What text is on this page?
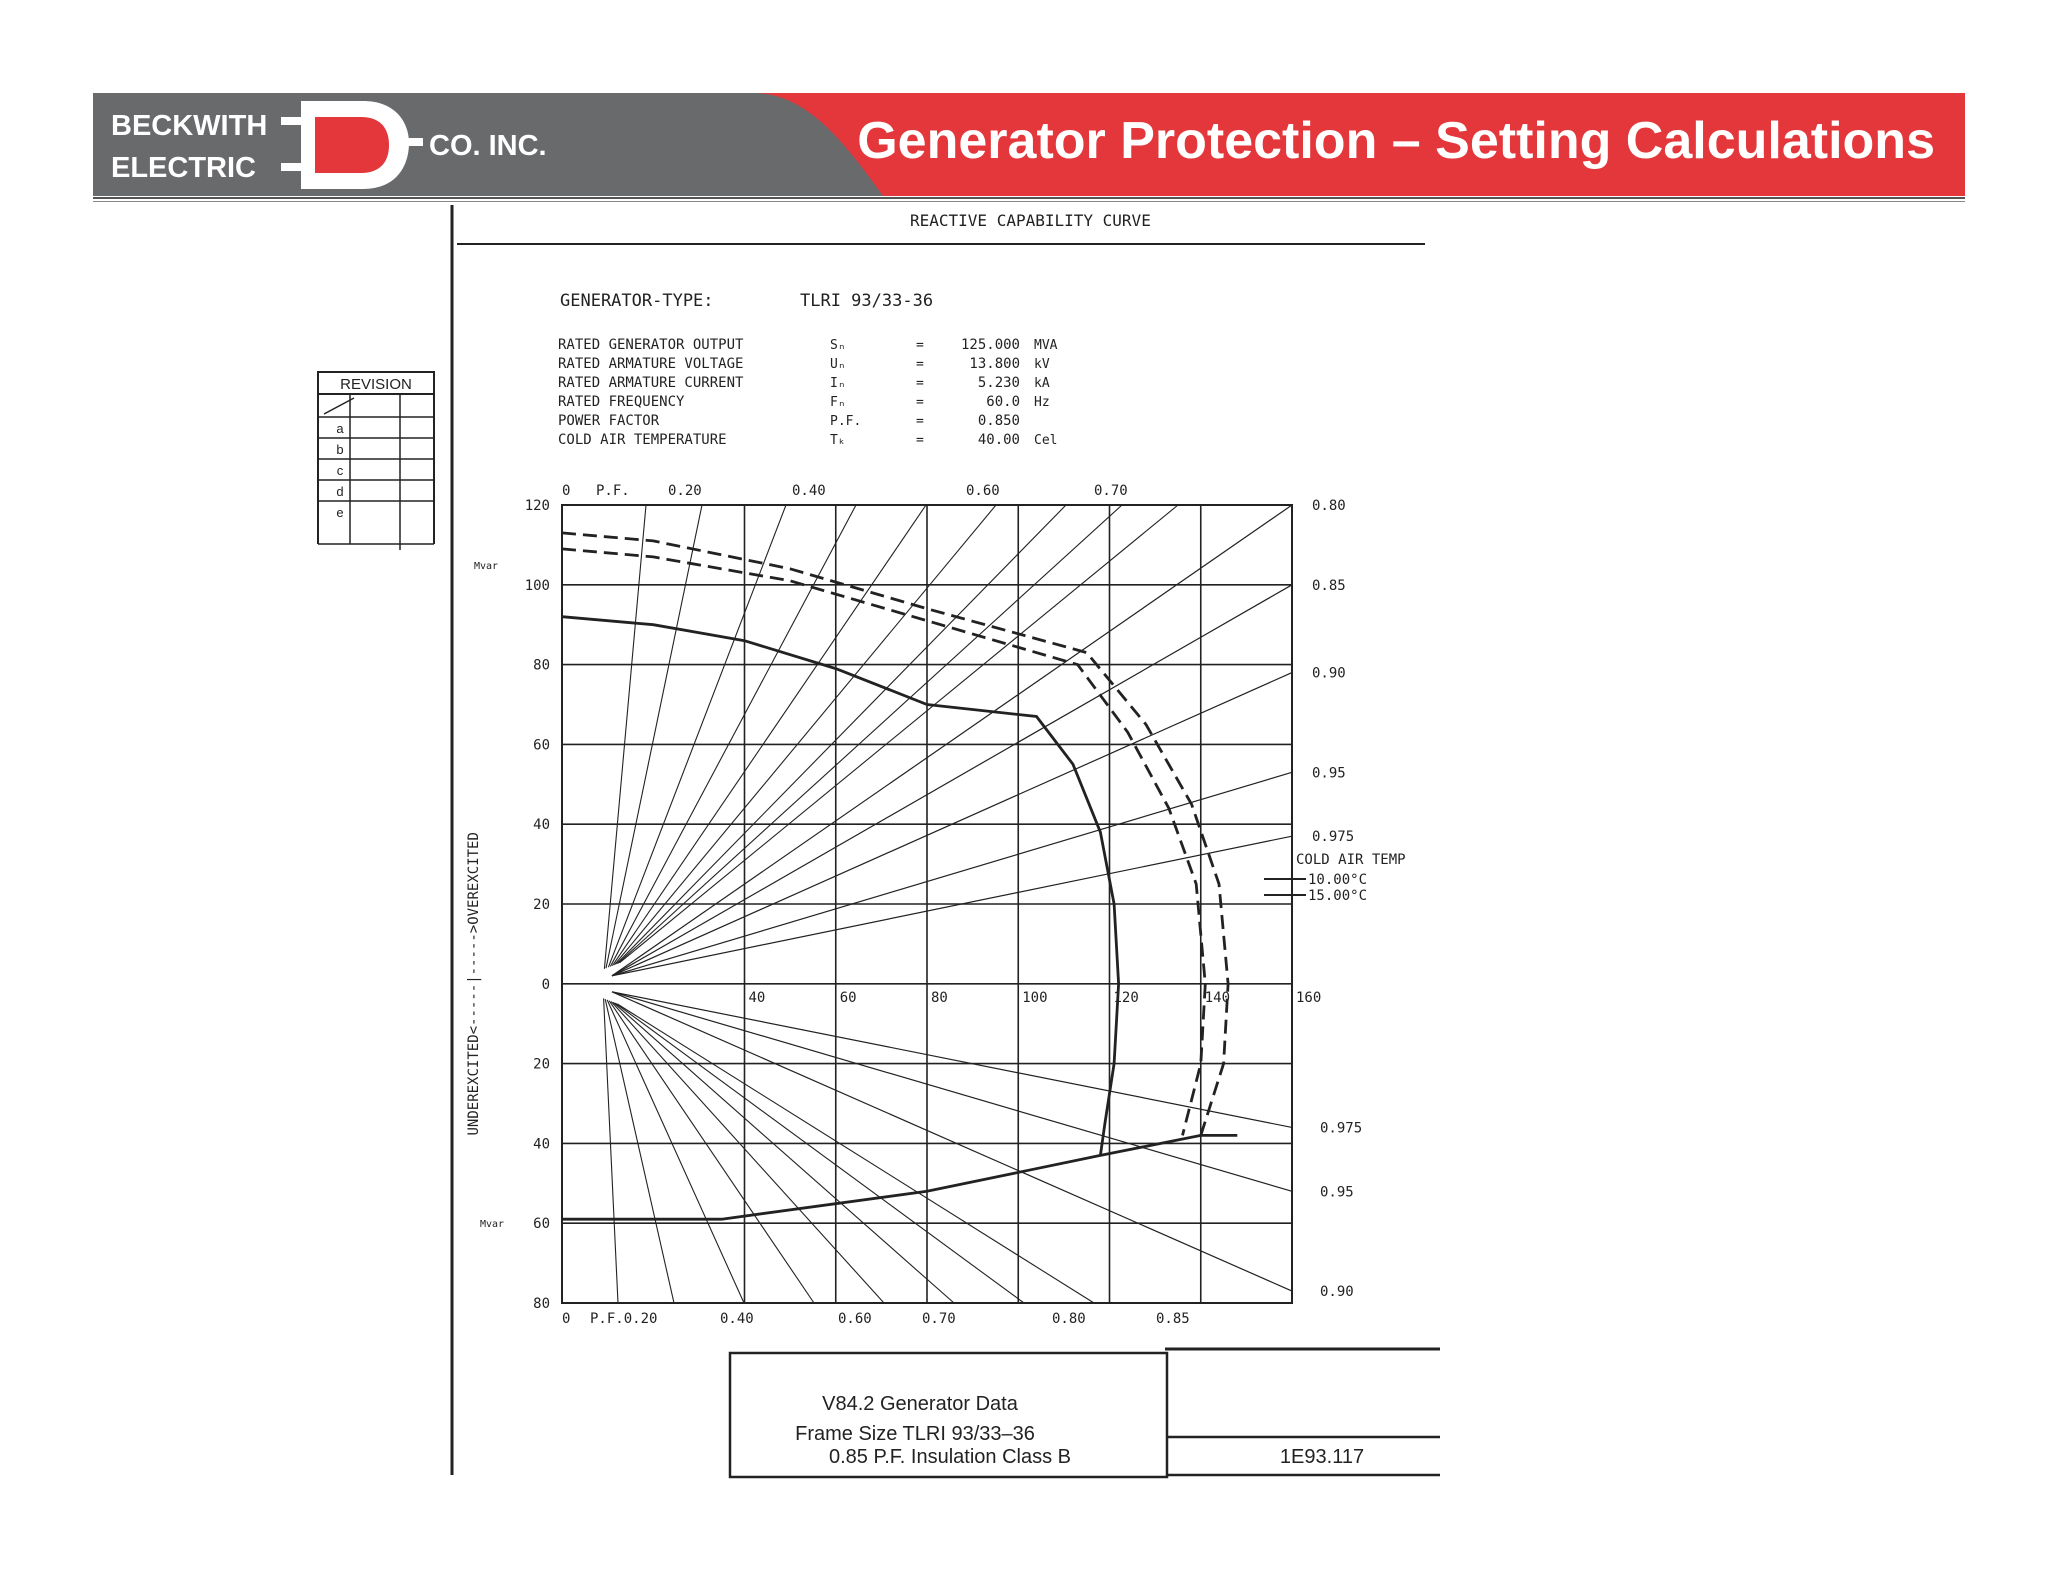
BECKWITH
ELECTRIC
CO. INC.	Generator Protection – Setting Calculations
REACTIVE CAPABILITY CURVE
GENERATOR-TYPE:	TLRI 93/33-36
RATED GENERATOR OUTPUT	Sₙ	=	125.000 MVA
RATED ARMATURE VOLTAGE	Uₙ	=	13.800 kV
RATED ARMATURE CURRENT	Iₙ	=	5.230 kA
RATED FREQUENCY	Fₙ	=	60.0 Hz
POWER FACTOR	P.F.	=	0.850
COLD AIR TEMPERATURE	Tₖ	=	40.00 Cel
REVISION
a
b
c
d
e	120
100
80
60
40
20
0
20
40
60
80
40	60	80	100	120	140	160
Mvar
Mvar
UNDEREXCITED<-----|----->OVEREXCITED
0 P.F.	0.20	0.40	0.60	0.70
0 P.F.0.20	0.40	0.60	0.70	0.80	0.85
0.80
0.85
0.90
0.95
0.975
0.975
0.95
0.90
COLD AIR TEMP
10.00°C
15.00°C
V84.2 Generator Data
Frame Size TLRI 93/33–36
0.85 P.F. Insulation Class B	1E93.117
